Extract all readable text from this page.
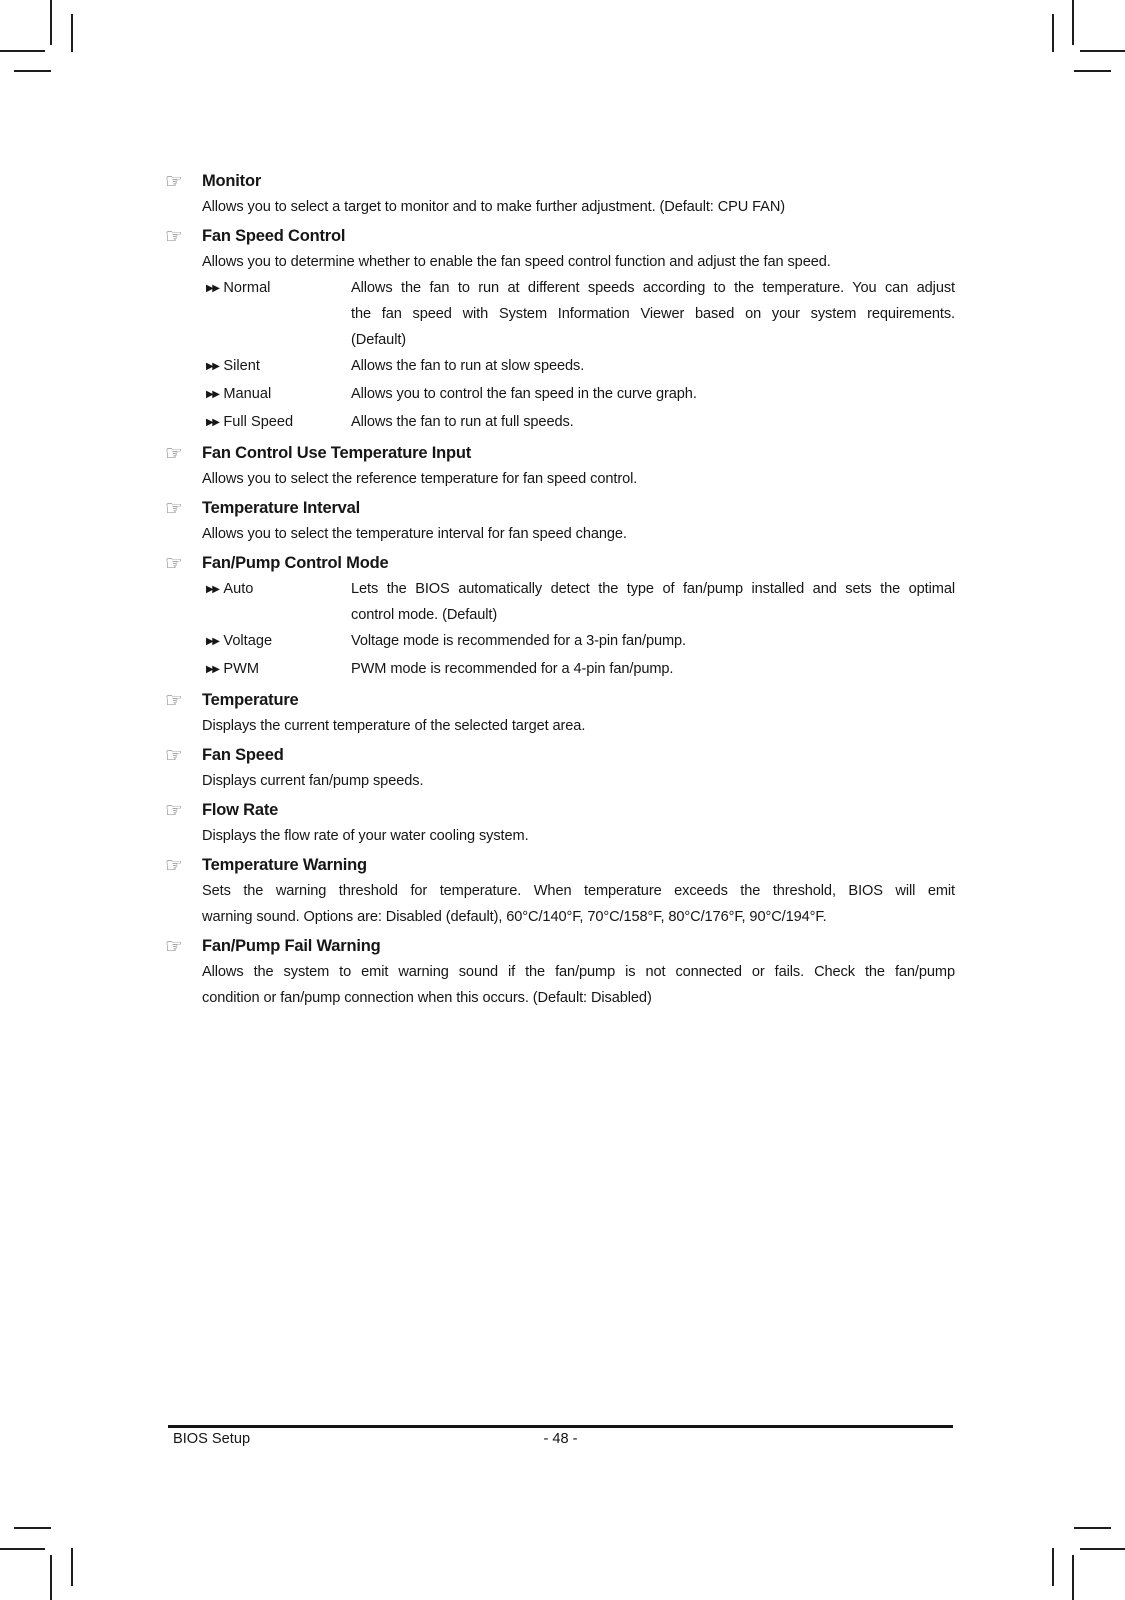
☞ Monitor
Allows you to select a target to monitor and to make further adjustment. (Default: CPU FAN)
☞ Fan Speed Control
Allows you to determine whether to enable the fan speed control function and adjust the fan speed.
▶▶ Normal	Allows the fan to run at different speeds according to the temperature. You can adjust
the fan speed with System Information Viewer based on your system requirements.
(Default)
▶▶ Silent	Allows the fan to run at slow speeds.
▶▶ Manual	Allows you to control the fan speed in the curve graph.
▶▶ Full Speed	Allows the fan to run at full speeds.
☞ Fan Control Use Temperature Input
Allows you to select the reference temperature for fan speed control.
☞ Temperature Interval
Allows you to select the temperature interval for fan speed change.
☞ Fan/Pump Control Mode
▶▶ Auto	Lets the BIOS automatically detect the type of fan/pump installed and sets the optimal
control mode. (Default)
▶▶ Voltage	Voltage mode is recommended for a 3-pin fan/pump.
▶▶ PWM	PWM mode is recommended for a 4-pin fan/pump.
☞ Temperature
Displays the current temperature of the selected target area.
☞ Fan Speed
Displays current fan/pump speeds.
☞ Flow Rate
Displays the flow rate of your water cooling system.
☞ Temperature Warning
Sets the warning threshold for temperature. When temperature exceeds the threshold, BIOS will emit
warning sound. Options are: Disabled (default), 60°C/140°F, 70°C/158°F, 80°C/176°F, 90°C/194°F.
☞ Fan/Pump Fail Warning
Allows the system to emit warning sound if the fan/pump is not connected or fails. Check the fan/pump
condition or fan/pump connection when this occurs. (Default: Disabled)
BIOS Setup	- 48 -
